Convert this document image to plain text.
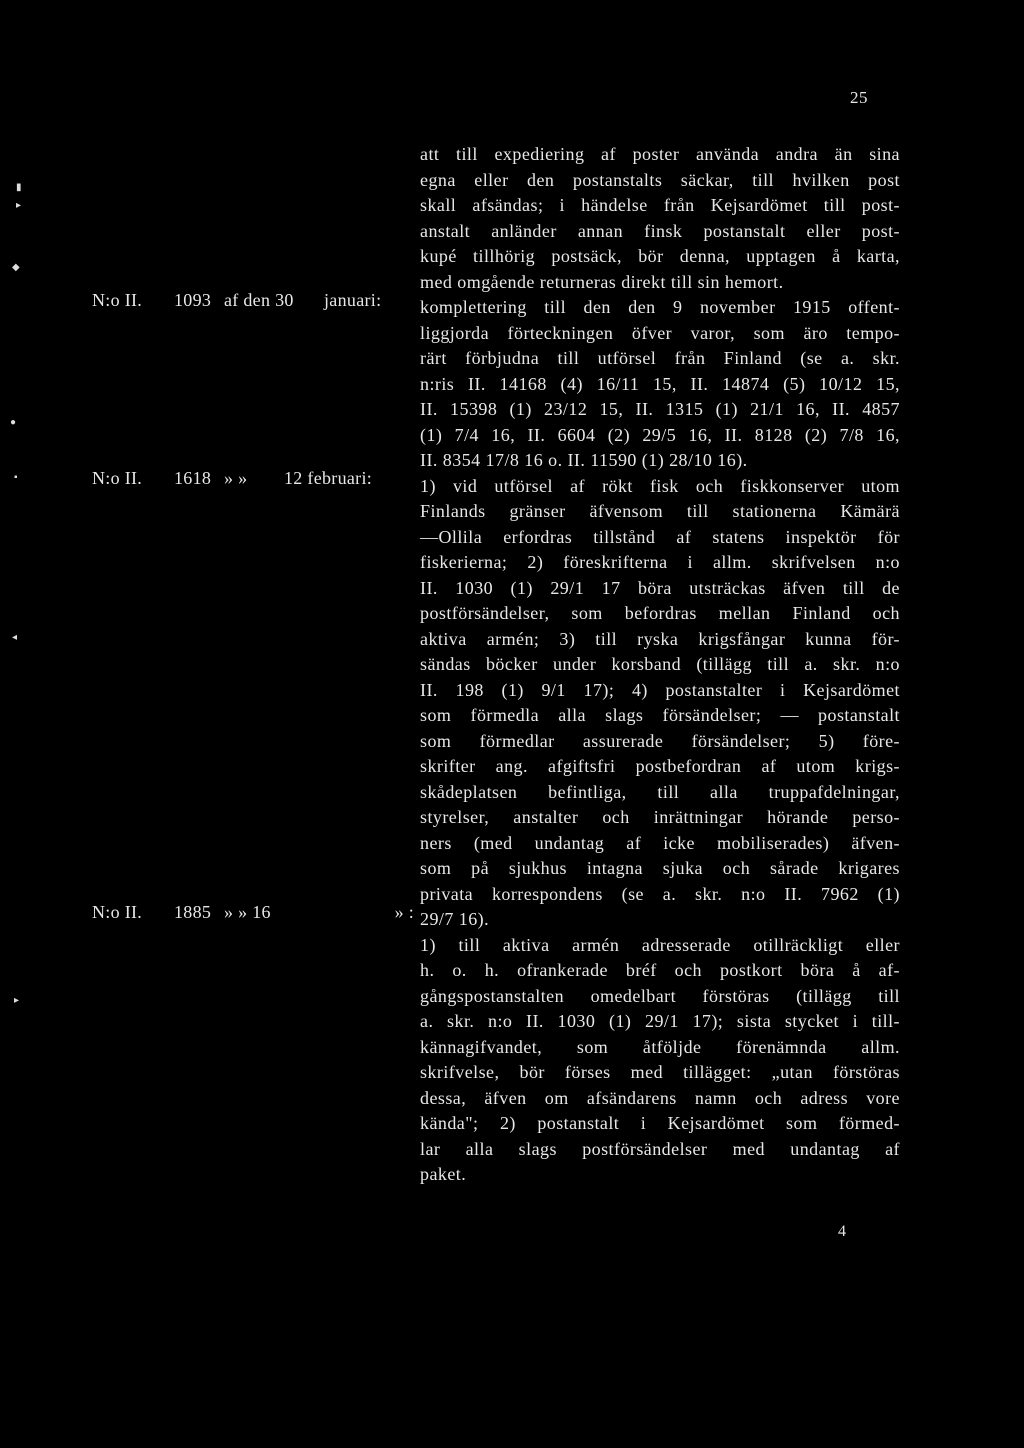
25
N:o II. 1093 af den 30 januari:
N:o II. 1618 » » 12 februari:
N:o II. 1885 » » 16	» :
att till expediering af poster använda andra än sina
egna eller den postanstalts säckar, till hvilken post
skall afsändas; i händelse från Kejsardömet till post-
anstalt anländer annan finsk postanstalt eller post-
kupé tillhörig postsäck, bör denna, upptagen å karta,
med omgående returneras direkt till sin hemort.
komplettering till den den 9 november 1915 offent-
liggjorda förteckningen öfver varor, som äro tempo-
rärt förbjudna till utförsel från Finland (se a. skr.
n:ris II. 14168 (4) 16/11 15, II. 14874 (5) 10/12 15,
II. 15398 (1) 23/12 15, II. 1315 (1) 21/1 16, II. 4857
(1) 7/4 16, II. 6604 (2) 29/5 16, II. 8128 (2) 7/8 16,
II. 8354 17/8 16 o. II. 11590 (1) 28/10 16).
1) vid utförsel af rökt fisk och fiskkonserver utom
Finlands gränser äfvensom till stationerna Kämärä
—Ollila erfordras tillstånd af statens inspektör för
fiskerierna; 2) föreskrifterna i allm. skrifvelsen n:o
II. 1030 (1) 29/1 17 böra utsträckas äfven till de
postförsändelser, som befordras mellan Finland och
aktiva armén; 3) till ryska krigsfångar kunna för-
sändas böcker under korsband (tillägg till a. skr. n:o
II. 198 (1) 9/1 17); 4) postanstalter i Kejsardömet
som förmedla alla slags försändelser; — postanstalt
som förmedlar assurerade försändelser; 5) före-
skrifter ang. afgiftsfri postbefordran af utom krigs-
skådeplatsen befintliga, till alla truppafdelningar,
styrelser, anstalter och inrättningar hörande perso-
ners (med undantag af icke mobiliserades) äfven-
som på sjukhus intagna sjuka och sårade krigares
privata korrespondens (se a. skr. n:o II. 7962 (1)
29/7 16).
1) till aktiva armén adresserade otillräckligt eller
h. o. h. ofrankerade bréf och postkort böra å af-
gångspostanstalten omedelbart förstöras (tillägg till
a. skr. n:o II. 1030 (1) 29/1 17); sista stycket i till-
kännagifvandet, som åtföljde förenämnda allm.
skrifvelse, bör förses med tillägget: „utan förstöras
dessa, äfven om afsändarens namn och adress vore
kända"; 2) postanstalt i Kejsardömet som förmed-
lar alla slags postförsändelser med undantag af
paket.
4
▮
▸
◆
●
▪
◂
▸
